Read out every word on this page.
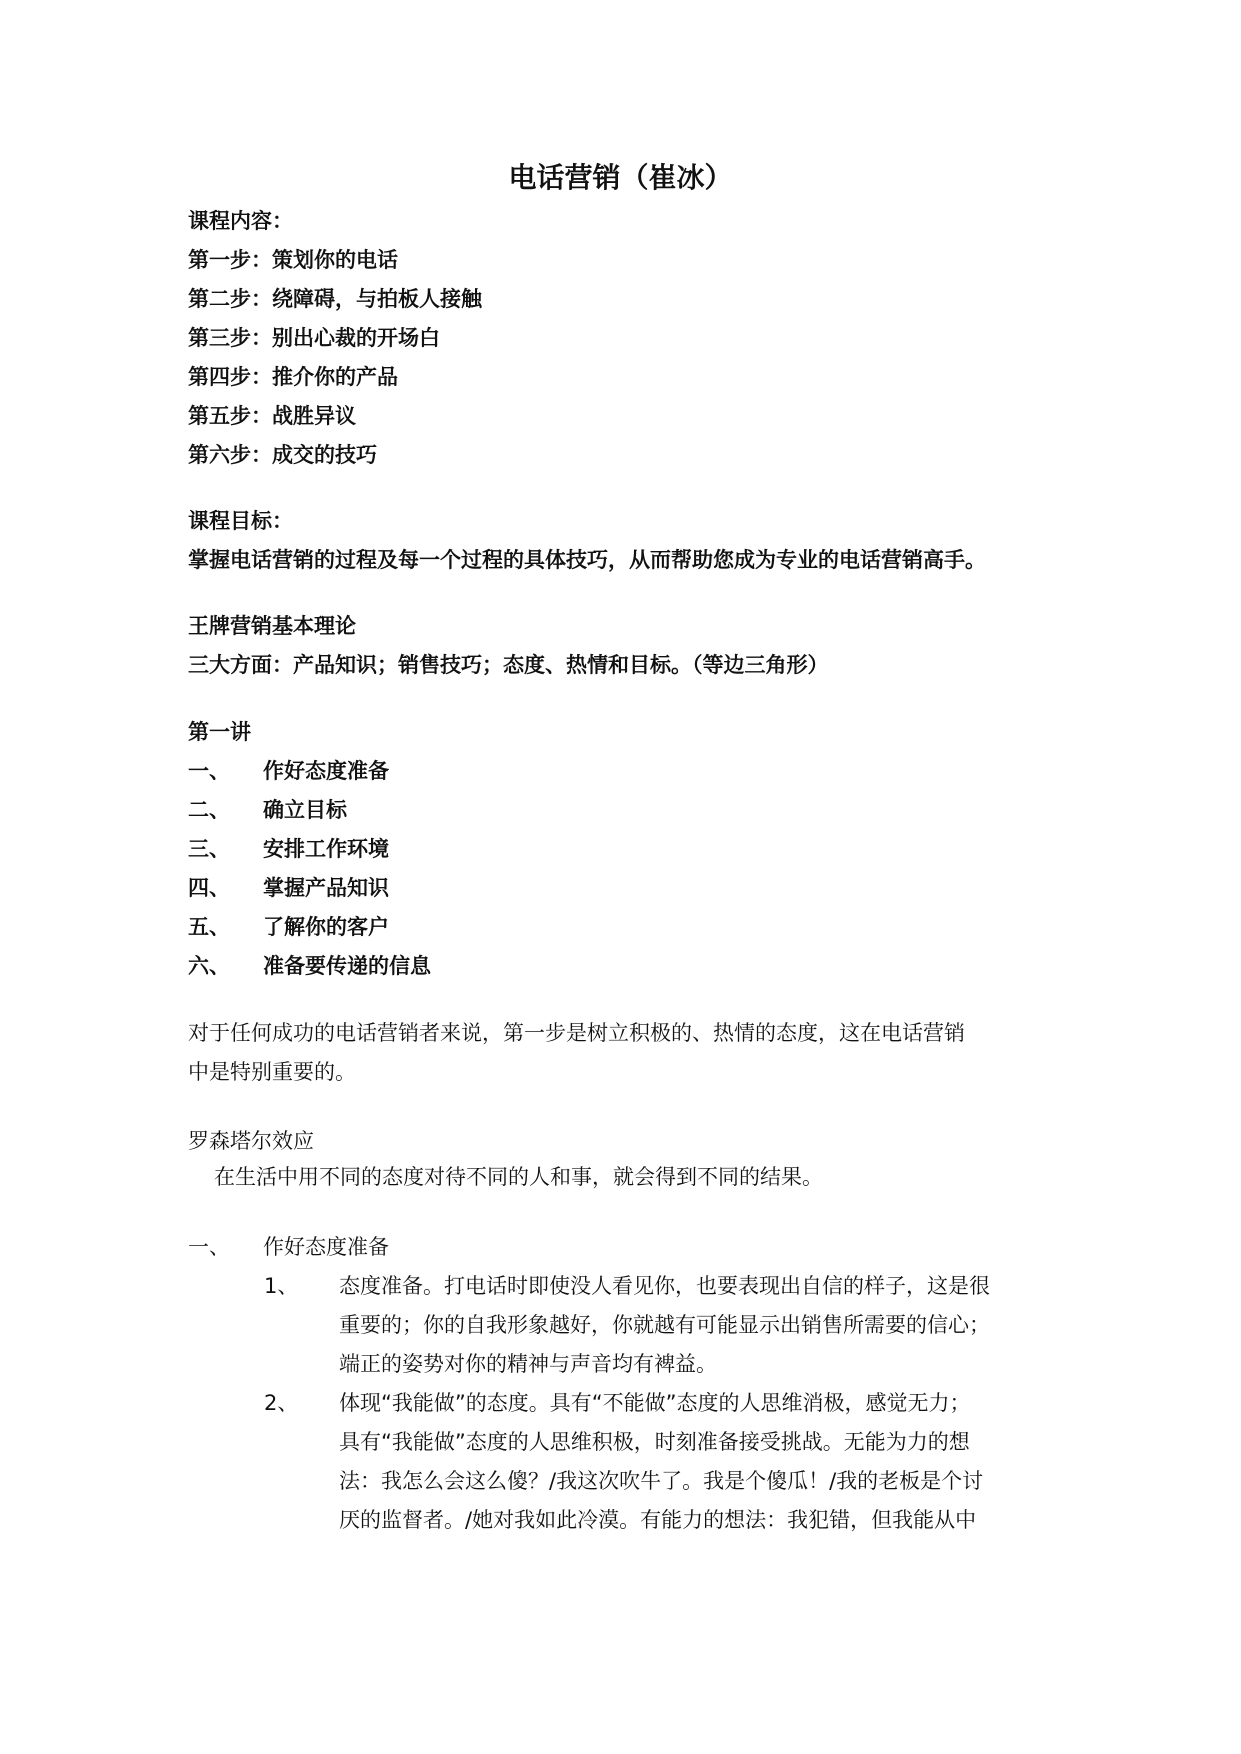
电话营销（崔冰）
课程内容：
第一步：策划你的电话
第二步：绕障碍，与拍板人接触
第三步：别出心裁的开场白
第四步：推介你的产品
第五步：战胜异议
第六步：成交的技巧
课程目标：
掌握电话营销的过程及每一个过程的具体技巧，从而帮助您成为专业的电话营销高手。
王牌营销基本理论
三大方面：产品知识；销售技巧；态度、热情和目标。（等边三角形）
第一讲
一、 作好态度准备
二、 确立目标
三、 安排工作环境
四、 掌握产品知识
五、 了解你的客户
六、 准备要传递的信息
对于任何成功的电话营销者来说，第一步是树立积极的、热情的态度，这在电话营销
中是特别重要的。
罗森塔尔效应
在生活中用不同的态度对待不同的人和事，就会得到不同的结果。
一、 作好态度准备
1、 态度准备。打电话时即使没人看见你，也要表现出自信的样子，这是很
重要的；你的自我形象越好，你就越有可能显示出销售所需要的信心；
端正的姿势对你的精神与声音均有裨益。
2、 体现“我能做”的态度。具有“不能做”态度的人思维消极，感觉无力；
具有“我能做”态度的人思维积极，时刻准备接受挑战。无能为力的想
法：我怎么会这么傻？/我这次吹牛了。我是个傻瓜！/我的老板是个讨
厌的监督者。/她对我如此冷漠。有能力的想法：我犯错，但我能从中
